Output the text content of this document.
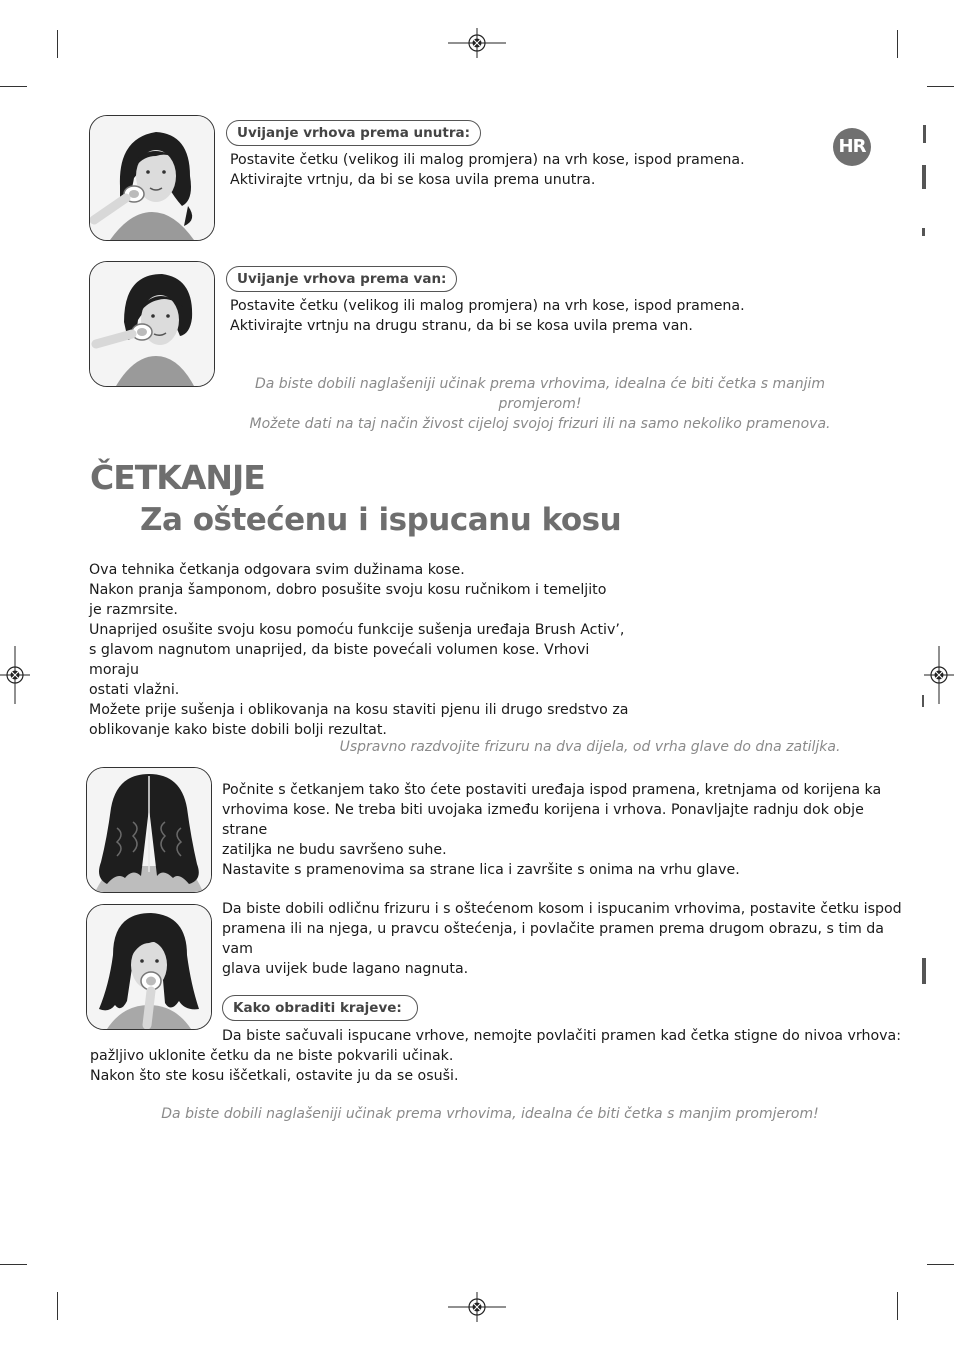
HR
Uvijanje vrhova prema unutra:
Postavite četku (velikog ili malog promjera) na vrh kose, ispod pramena.
Aktivirajte vrtnju, da bi se kosa uvila prema unutra.
Uvijanje vrhova prema van:
Postavite četku (velikog ili malog promjera) na vrh kose, ispod pramena.
Aktivirajte vrtnju na drugu stranu, da bi se kosa uvila prema van.
Da biste dobili naglašeniji učinak prema vrhovima, idealna će biti četka s manjim promjerom!
Možete dati na taj način živost cijeloj svojoj frizuri ili na samo nekoliko pramenova.
ČETKANJE
Za oštećenu i ispucanu kosu
Ova tehnika četkanja odgovara svim dužinama kose.
Nakon pranja šamponom, dobro posušite svoju kosu ručnikom i temeljito
je razmrsite.
Unaprijed osušite svoju kosu pomoću funkcije sušenja uređaja Brush Activ’,
s glavom nagnutom unaprijed, da biste povećali volumen kose. Vrhovi moraju
ostati vlažni.
Možete prije sušenja i oblikovanja na kosu staviti pjenu ili drugo sredstvo za
oblikovanje kako biste dobili bolji rezultat.
Uspravno razdvojite frizuru na dva dijela, od vrha glave do dna zatiljka.
Počnite s četkanjem tako što ćete postaviti uređaja ispod pramena, kretnjama od korijena ka
vrhovima kose. Ne treba biti uvojaka između korijena i vrhova. Ponavljajte radnju dok obje strane
zatiljka ne budu savršeno suhe.
Nastavite s pramenovima sa strane lica i završite s onima na vrhu glave.
Da biste dobili odličnu frizuru i s oštećenom kosom i ispucanim vrhovima, postavite četku ispod
pramena ili na njega, u pravcu oštećenja, i povlačite pramen prema drugom obrazu, s tim da vam
glava uvijek bude lagano nagnuta.
Kako obraditi krajeve:
Da biste sačuvali ispucane vrhove, nemojte povlačiti pramen kad četka stigne do nivoa vrhova:
pažljivo uklonite četku da ne biste pokvarili učinak.
Nakon što ste kosu iščetkali, ostavite ju da se osuši.
Da biste dobili naglašeniji učinak prema vrhovima, idealna će biti četka s manjim promjerom!
